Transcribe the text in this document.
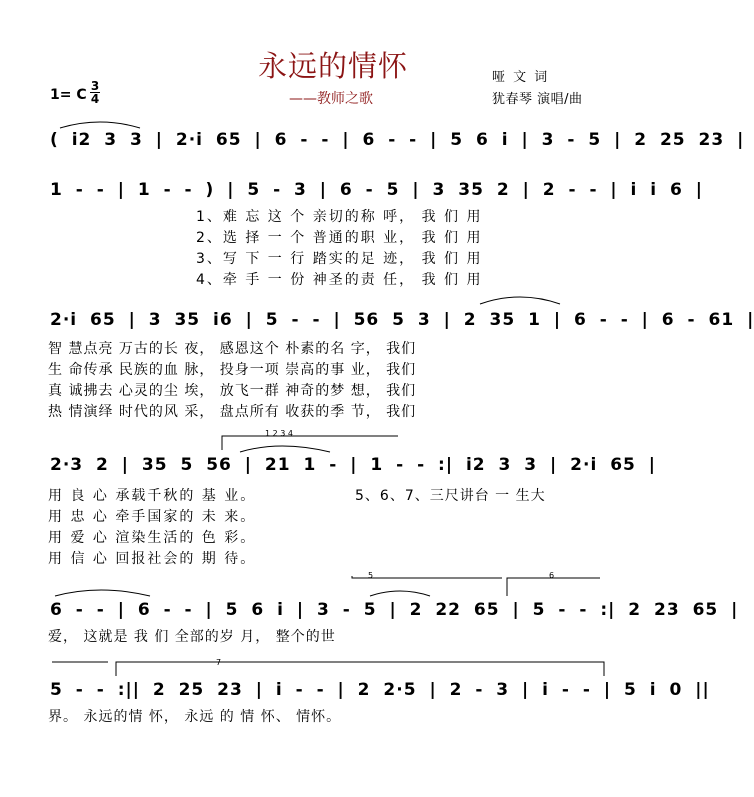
永远的情怀
——教师之歌
哑 文 词
犹春琴 演唱/曲
1= C
3
4
( i2 3 3 | 2·i 65 | 6 - - | 6 - - | 5 6 i | 3 - 5 | 2 25 23 |
1 - - | 1 - - ) | 5 - 3 | 6 - 5 | 3 35 2 | 2 - - | i i 6 |
1、难 忘 这 个 亲切的称 呼， 我 们 用
2、选 择 一 个 普通的职 业， 我 们 用
3、写 下 一 行 踏实的足 迹， 我 们 用
4、牵 手 一 份 神圣的责 任， 我 们 用
2·i 65 | 3 35 i6 | 5 - - | 56 5 3 | 2 35 1 | 6 - - | 6 - 61 |
智 慧点亮 万古的长 夜， 感恩这个 朴素的名 字， 我们
生 命传承 民族的血 脉， 投身一项 崇高的事 业， 我们
真 诚拂去 心灵的尘 埃， 放飞一群 神奇的梦 想， 我们
热 情演绎 时代的风 采， 盘点所有 收获的季 节， 我们
1 2 3 4
2·3 2 | 35 5 56 | 21 1 - | 1 - - :| i2 3 3 | 2·i 65 |
用 良 心 承载千秋的 基 业。
用 忠 心 牵手国家的 未 来。
用 爱 心 渲染生活的 色 彩。
用 信 心 回报社会的 期 待。
5、6、7、三尺讲台 一 生大
5	6
6 - - | 6 - - | 5 6 i | 3 - 5 | 2 22 65 | 5 - - :| 2 23 65 |
爱， 这就是 我 们 全部的岁 月， 整个的世
7
5 - - :|| 2 25 23 | i - - | 2 2·5 | 2 - 3 | i - - | 5 i 0 ||
界。 永远的情 怀， 永远 的 情 怀、 情怀。
